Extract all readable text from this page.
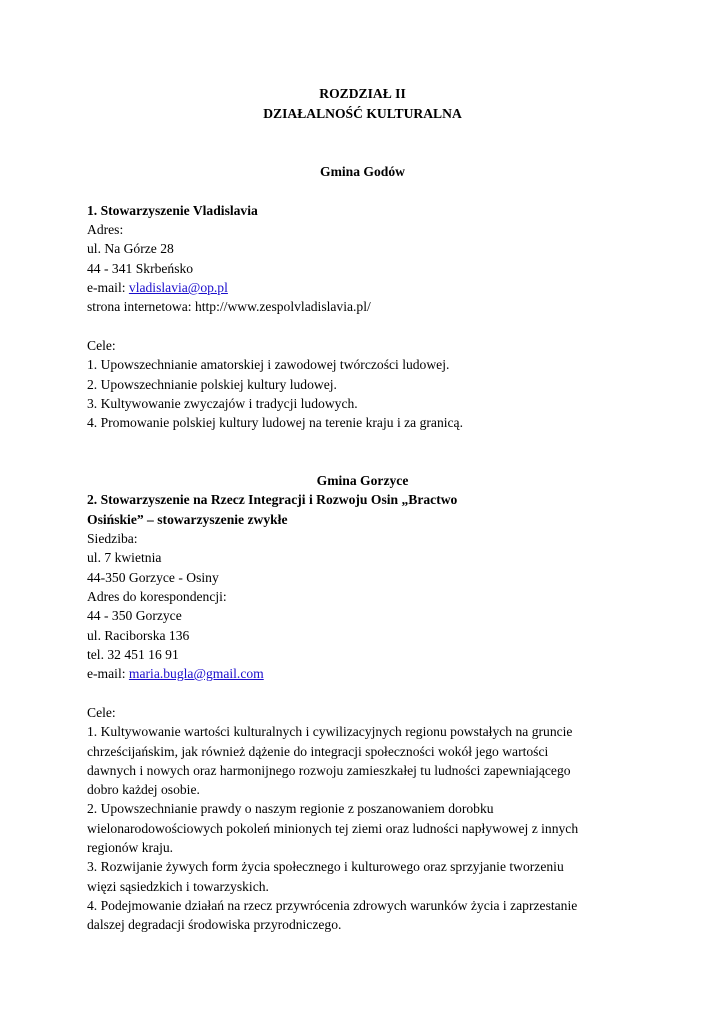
ROZDZIAŁ II

DZIAŁALNOŚĆ KULTURALNA

Gmina Godów

1. Stowarzyszenie Vladislavia

Adres:

ul. Na Górze 28

44 - 341 Skrbeńsko

e-mail: vladislavia@op.pl

strona internetowa: http://www.zespolvladislavia.pl/

Cele:

1. Upowszechnianie amatorskiej i zawodowej twórczości ludowej.

2. Upowszechnianie polskiej kultury ludowej.

3. Kultywowanie zwyczajów i tradycji ludowych.

4. Promowanie polskiej kultury ludowej na terenie kraju i za granicą.

Gmina Gorzyce

2. Stowarzyszenie na Rzecz Integracji i Rozwoju Osin „Bractwo

Osińskie” – stowarzyszenie zwykłe

Siedziba:

ul. 7 kwietnia

44-350 Gorzyce - Osiny

Adres do korespondencji:

44 - 350 Gorzyce

ul. Raciborska 136

tel. 32 451 16 91

e-mail: maria.bugla@gmail.com

Cele:

1. Kultywowanie wartości kulturalnych i cywilizacyjnych regionu powstałych na gruncie

chrześcijańskim, jak również dążenie do integracji społeczności wokół jego wartości

dawnych i nowych oraz harmonijnego rozwoju zamieszkałej tu ludności zapewniającego

dobro każdej osobie.

2. Upowszechnianie prawdy o naszym regionie z poszanowaniem dorobku

wielonarodowościowych pokoleń minionych tej ziemi oraz ludności napływowej z innych

regionów kraju.

3. Rozwijanie żywych form życia społecznego i kulturowego oraz sprzyjanie tworzeniu

więzi sąsiedzkich i towarzyskich.

4. Podejmowanie działań na rzecz przywrócenia zdrowych warunków życia i zaprzestanie

dalszej degradacji środowiska przyrodniczego.
